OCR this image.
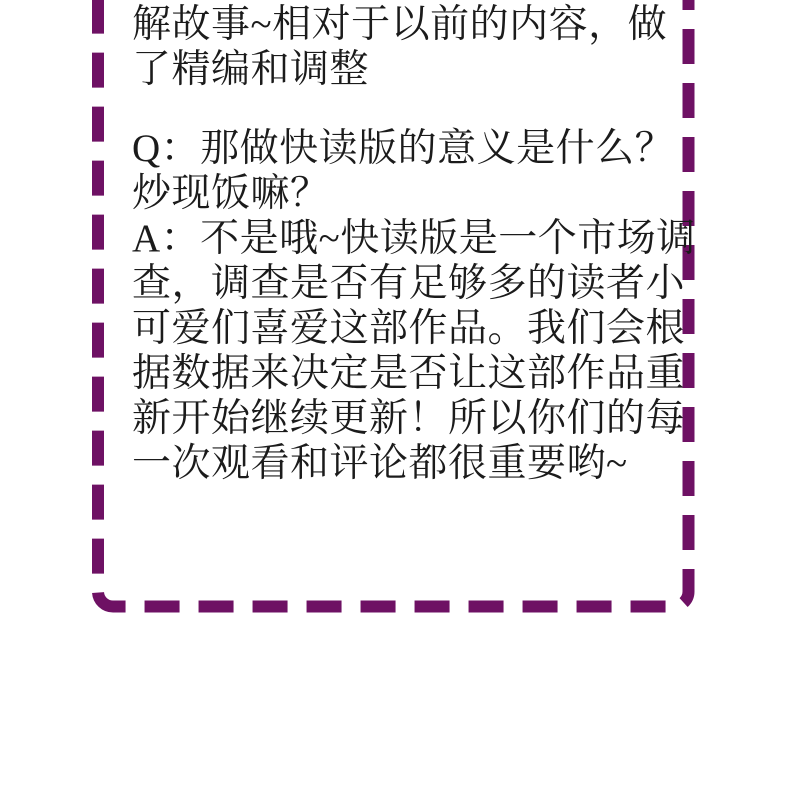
解故事~相对于以前的内容，做
了精编和调整
Q：那做快读版的意义是什么？
炒现饭嘛？
A：不是哦~快读版是一个市场调
查，调查是否有足够多的读者小
可爱们喜爱这部作品。我们会根
据数据来决定是否让这部作品重
新开始继续更新！所以你们的每
一次观看和评论都很重要哟~
